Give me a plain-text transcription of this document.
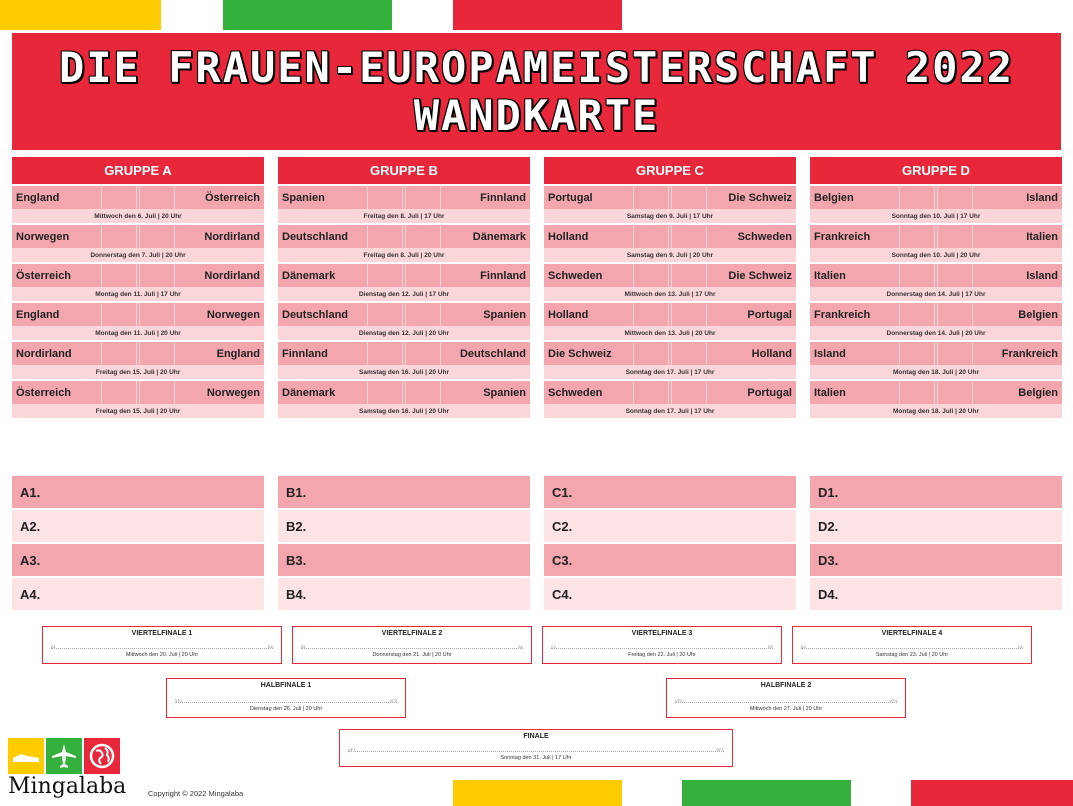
DIE FRAUEN-EUROPAMEISTERSCHAFT 2022
WANDKARTE
GRUPPE A
England	Österreich
Mittwoch den 6. Juli | 20 Uhr
Norwegen	Nordirland
Donnerstag den 7. Juli | 20 Uhr
Österreich	Nordirland
Montag den 11. Juli | 17 Uhr
England	Norwegen
Montag den 11. Juli | 20 Uhr
Nordirland	England
Freitag den 15. Juli | 20 Uhr
Österreich	Norwegen
Freitag den 15. Juli | 20 Uhr
GRUPPE B
Spanien	Finnland
Freitag den 8. Juli | 17 Uhr
Deutschland	Dänemark
Freitag den 8. Juli | 20 Uhr
Dänemark	Finnland
Dienstag den 12. Juli | 17 Uhr
Deutschland	Spanien
Dienstag den 12. Juli | 20 Uhr
Finnland	Deutschland
Samstag den 16. Juli | 20 Uhr
Dänemark	Spanien
Samstag den 16. Juli | 20 Uhr
GRUPPE C
Portugal	Die Schweiz
Samstag den 9. Juli | 17 Uhr
Holland	Schweden
Samstag den 9. Juli | 20 Uhr
Schweden	Die Schweiz
Mittwoch den 13. Juli | 17 Uhr
Holland	Portugal
Mittwoch den 13. Juli | 20 Uhr
Die Schweiz	Holland
Sonntag den 17. Juli | 17 Uhr
Schweden	Portugal
Sonntag den 17. Juli | 17 Uhr
GRUPPE D
Belgien	Island
Sonntag den 10. Juli | 17 Uhr
Frankreich	Italien
Sonntag den 10. Juli | 20 Uhr
Italien	Island
Donnerstag den 14. Juli | 17 Uhr
Frankreich	Belgien
Donnerstag den 14. Juli | 20 Uhr
Island	Frankreich
Montag den 18. Juli | 20 Uhr
Italien	Belgien
Montag den 18. Juli | 20 Uhr
A1.
A2.
A3.
A4.
B1.
B2.
B3.
B4.
C1.
C2.
C3.
C4.
D1.
D2.
D3.
D4.
VIERTELFINALE 1
A1	B2
Mittwoch den 20. Juli | 20 Uhr
VIERTELFINALE 2
B1	A2
Donnerstag den 21. Juli | 20 Uhr
VIERTELFINALE 3
C1	D2
Freitag den 22. Juli | 20 Uhr
VIERTELFINALE 4
D1	C2
Samstag den 23. Juli | 20 Uhr
HALBFINALE 1
VF1	VF3
Dienstag den 26. Juli | 20 Uhr
HALBFINALE 2
VF2	VF4
Mittwoch den 27. Juli | 20 Uhr
FINALE
HF1	HF2
Sonntag den 31. Juli | 17 Uhr
Mingalaba	Copyright © 2022 Mingalaba
